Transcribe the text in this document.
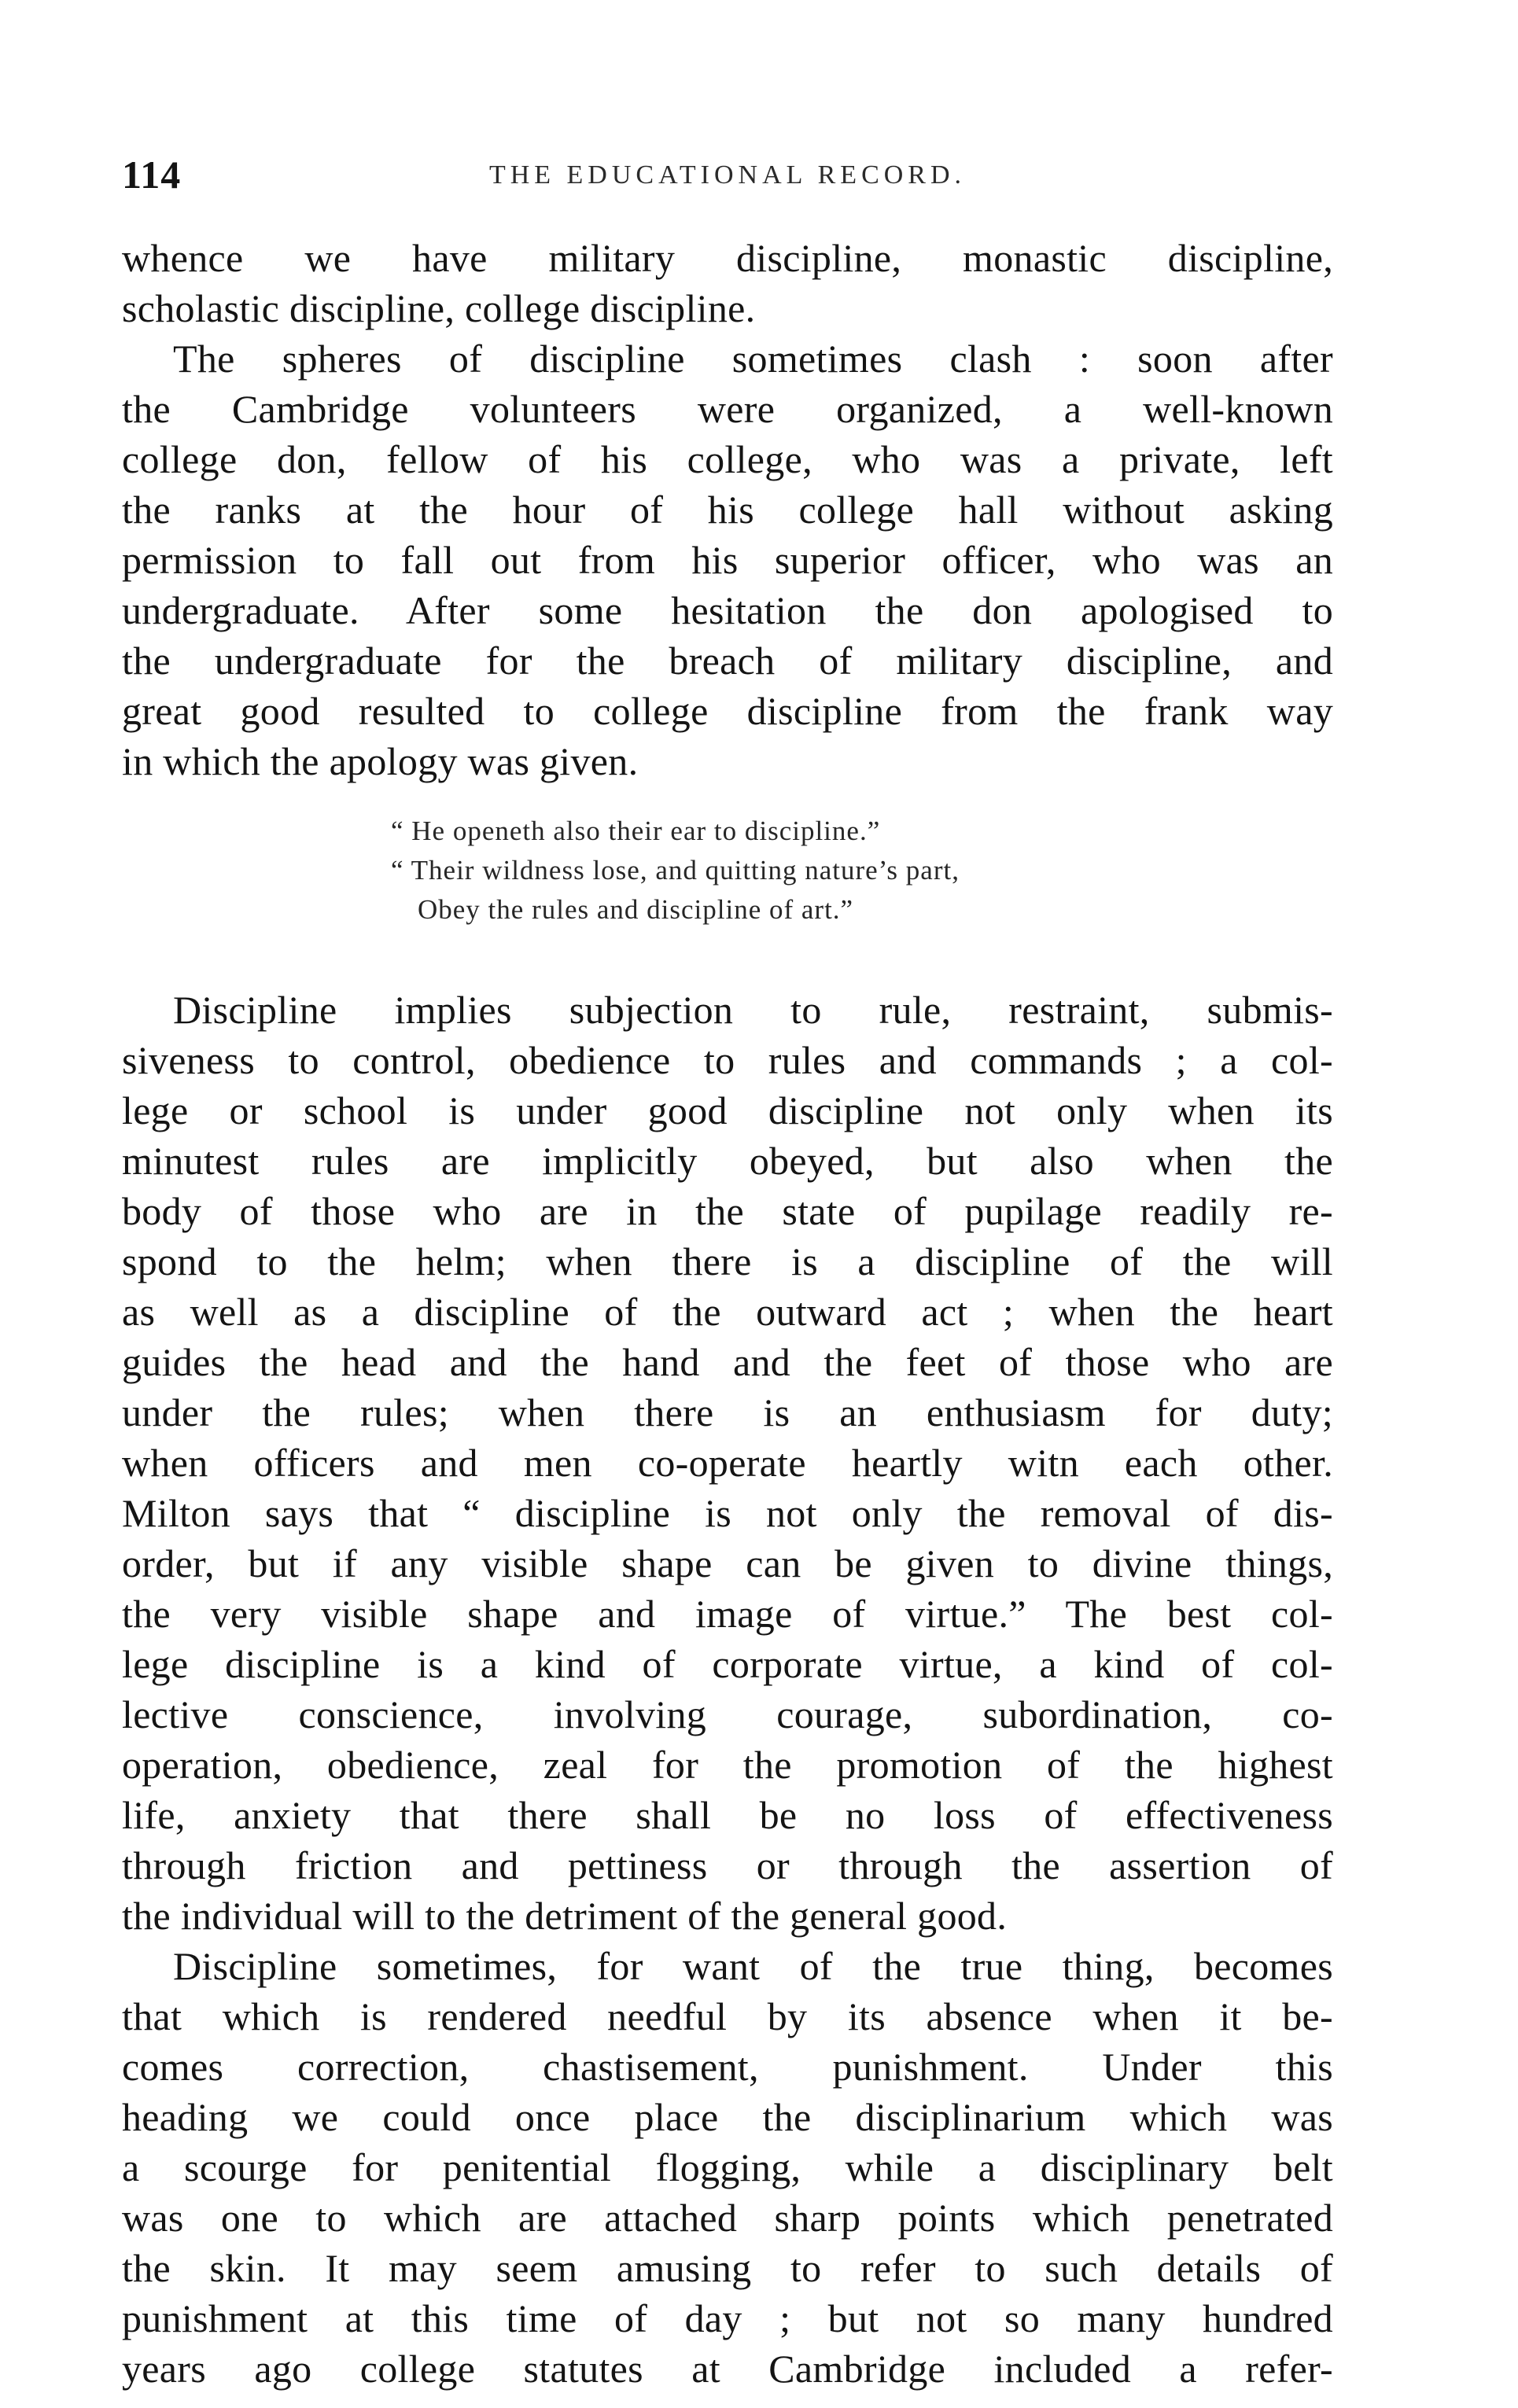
114	THE EDUCATIONAL RECORD.
whence we have military discipline, monastic discipline,
scholastic discipline, college discipline.
The spheres of discipline sometimes clash : soon after
the Cambridge volunteers were organized, a well-known
college don, fellow of his college, who was a private, left
the ranks at the hour of his college hall without asking
permission to fall out from his superior officer, who was an
undergraduate. After some hesitation the don apologised to
the undergraduate for the breach of military discipline, and
great good resulted to college discipline from the frank way
in which the apology was given.
“ He openeth also their ear to discipline.”
“ Their wildness lose, and quitting nature’s part,
Obey the rules and discipline of art.”
Discipline implies subjection to rule, restraint, submis-
siveness to control, obedience to rules and commands ; a col-
lege or school is under good discipline not only when its
minutest rules are implicitly obeyed, but also when the
body of those who are in the state of pupilage readily re-
spond to the helm; when there is a discipline of the will
as well as a discipline of the outward act ; when the heart
guides the head and the hand and the feet of those who are
under the rules; when there is an enthusiasm for duty;
when officers and men co-operate heartly witn each other.
Milton says that “ discipline is not only the removal of dis-
order, but if any visible shape can be given to divine things,
the very visible shape and image of virtue.” The best col-
lege discipline is a kind of corporate virtue, a kind of col-
lective conscience, involving courage, subordination, co-
operation, obedience, zeal for the promotion of the highest
life, anxiety that there shall be no loss of effectiveness
through friction and pettiness or through the assertion of
the individual will to the detriment of the general good.
Discipline sometimes, for want of the true thing, becomes
that which is rendered needful by its absence when it be-
comes correction, chastisement, punishment. Under this
heading we could once place the disciplinarium which was
a scourge for penitential flogging, while a disciplinary belt
was one to which are attached sharp points which penetrated
the skin. It may seem amusing to refer to such details of
punishment at this time of day ; but not so many hundred
years ago college statutes at Cambridge included a refer-
